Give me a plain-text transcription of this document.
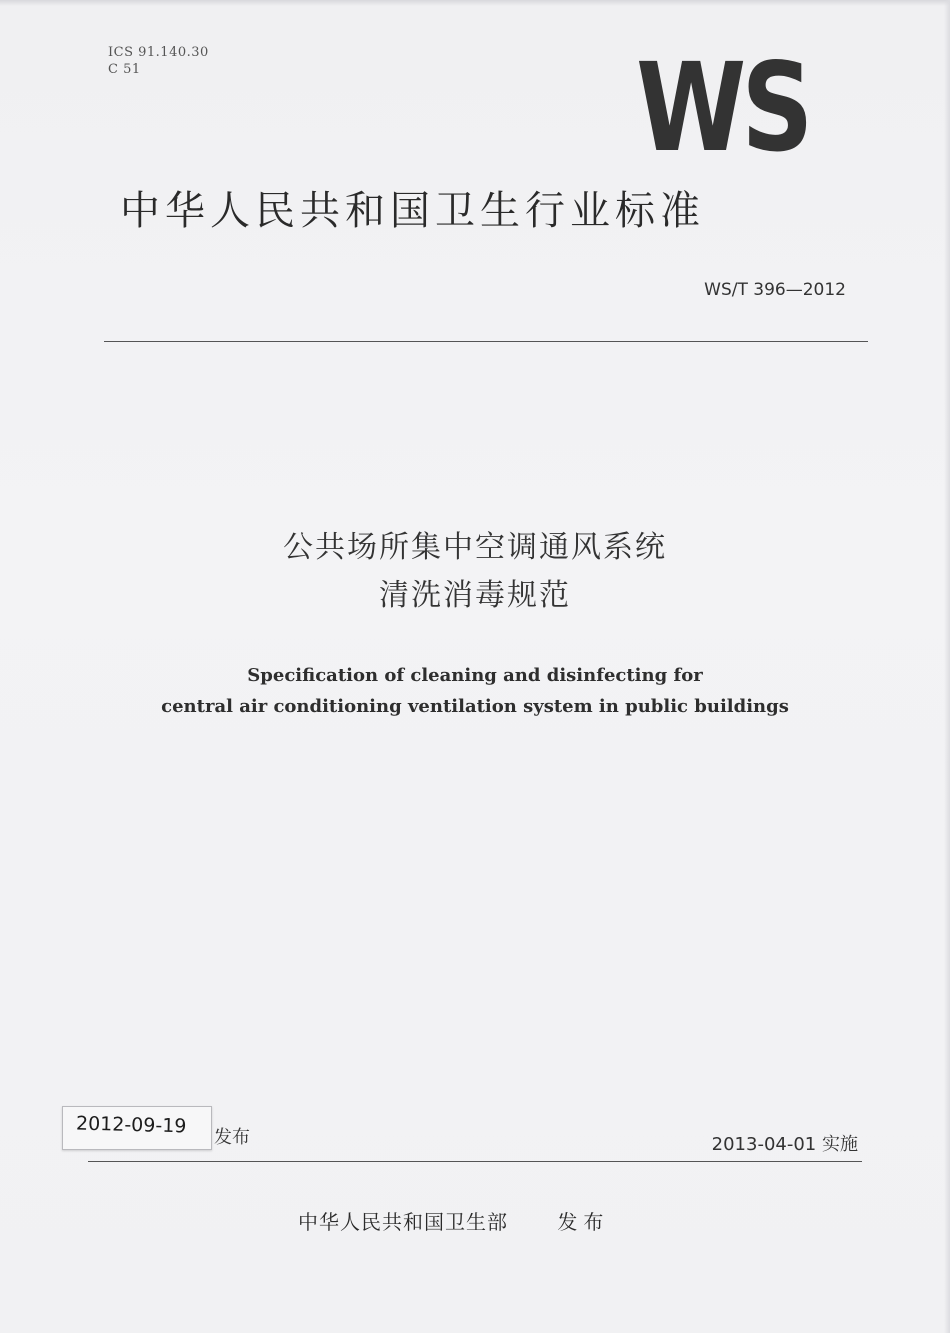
ICS 91.140.30
C 51	WS
中华人民共和国卫生行业标准
WS/T 396—2012
公共场所集中空调通风系统
清洗消毒规范
Specification of cleaning and disinfecting for
central air conditioning ventilation system in public buildings
2012-09-19
发布	2013-04-01 实施
中华人民共和国卫生部 发布
